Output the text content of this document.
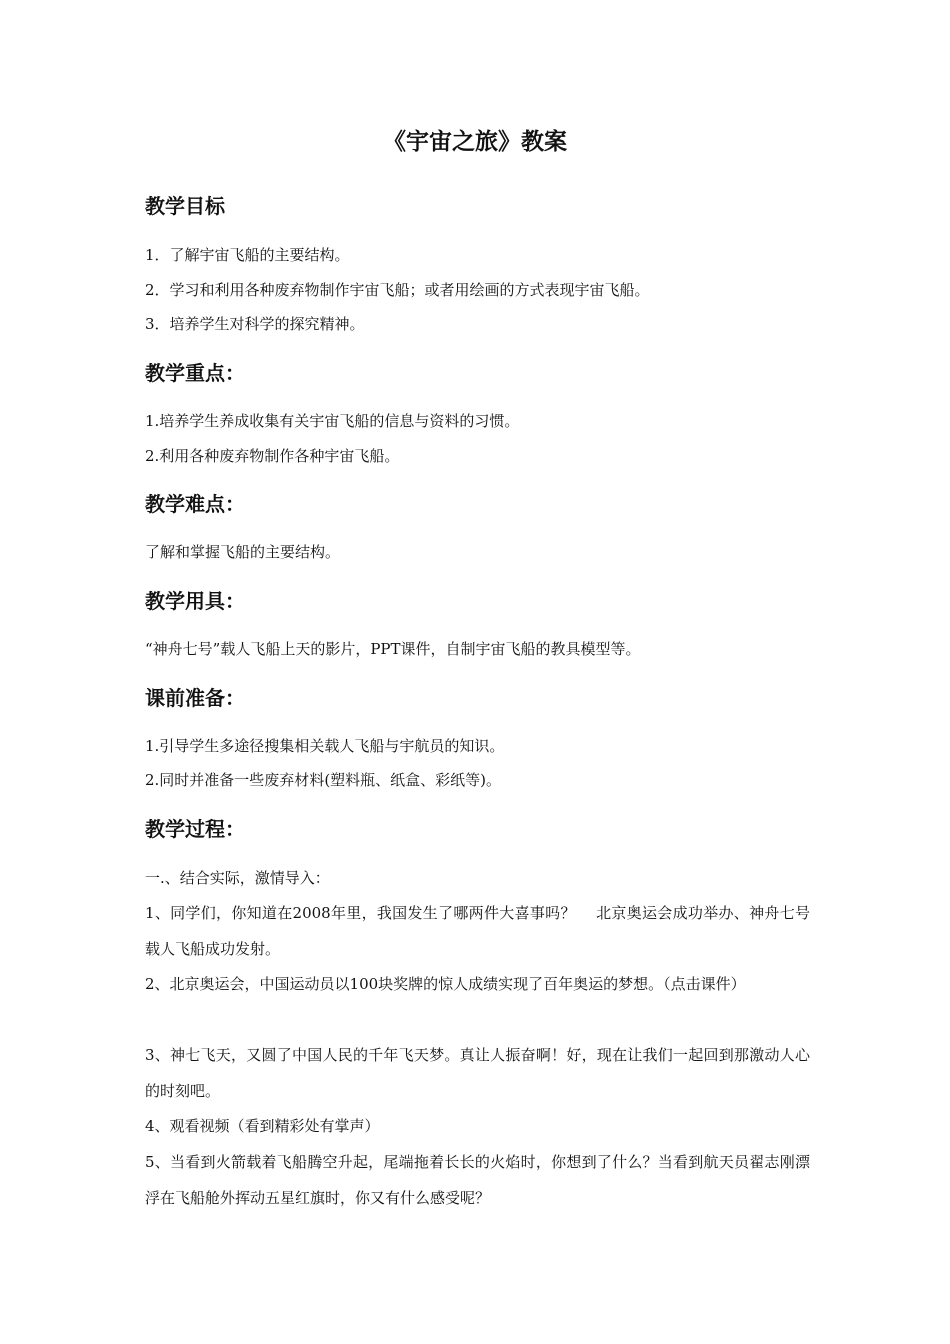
《宇宙之旅》教案
教学目标

1．了解宇宙飞船的主要结构。

2．学习和利用各种废弃物制作宇宙飞船；或者用绘画的方式表现宇宙飞船。

3．培养学生对科学的探究精神。

教学重点：

1.培养学生养成收集有关宇宙飞船的信息与资料的习惯。

2.利用各种废弃物制作各种宇宙飞船。

教学难点：

了解和掌握飞船的主要结构。

教学用具：

“神舟七号”载人飞船上天的影片，PPT课件，自制宇宙飞船的教具模型等。

课前准备：

1.引导学生多途径搜集相关载人飞船与宇航员的知识。

2.同时并准备一些废弃材料(塑料瓶、纸盒、彩纸等)。

教学过程：

一.、结合实际，激情导入：

1、同学们，你知道在2008年里，我国发生了哪两件大喜事吗？　 北京奥运会成功举办、神舟七号载人飞船成功发射。

2、北京奥运会，中国运动员以100块奖牌的惊人成绩实现了百年奥运的梦想。（点击课件）

3、神七飞天，又圆了中国人民的千年飞天梦。真让人振奋啊！好，现在让我们一起回到那激动人心的时刻吧。

4、观看视频（看到精彩处有掌声）

5、当看到火箭载着飞船腾空升起，尾端拖着长长的火焰时，你想到了什么？当看到航天员翟志刚漂浮在飞船舱外挥动五星红旗时，你又有什么感受呢？
